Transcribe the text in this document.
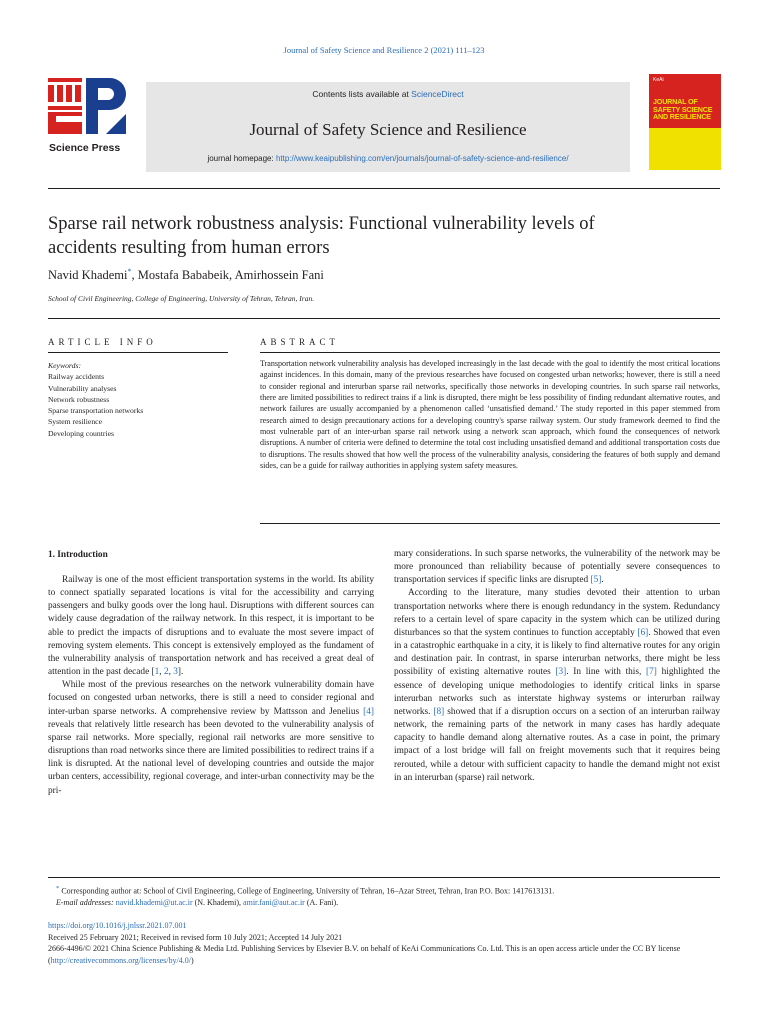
Journal of Safety Science and Resilience 2 (2021) 111–123
Science Press
Contents lists available at ScienceDirect
Journal of Safety Science and Resilience
journal homepage: http://www.keaipublishing.com/en/journals/journal-of-safety-science-and-resilience/
KeAi
JOURNAL OF
SAFETY SCIENCE
AND RESILIENCE
Sparse rail network robustness analysis: Functional vulnerability levels of
accidents resulting from human errors
Navid Khademi*, Mostafa Bababeik, Amirhossein Fani
School of Civil Engineering, College of Engineering, University of Tehran, Tehran, Iran.
ARTICLE INFO	ABSTRACT
Keywords:
Railway accidents
Vulnerability analyses
Network robustness
Sparse transportation networks
System resilience
Developing countries
Transportation network vulnerability analysis has developed increasingly in the last decade with the goal to identify the most critical locations against incidences. In this domain, many of the previous researches have focused on congested urban networks; however, there is still a need to consider regional and interurban sparse rail networks, specifically those networks in developing countries. In such sparse rail networks, there are limited possibilities to redirect trains if a link is disrupted, there might be less possibility of finding redundant alternative routes, and network failures are usually accompanied by a phenomenon called ‘unsatisfied demand.’ The study reported in this paper stemmed from research aimed to design precautionary actions for a developing country's sparse railway system. Our study framework deemed to find the most vulnerable part of an inter-urban sparse rail network using a network scan approach, which found the consequences of network disruptions. A number of criteria were defined to determine the total cost including unsatisfied demand and additional transportation costs due to disruptions. The results showed that how well the process of the vulnerability analysis, considering the features of both supply and demand sides, can be a guide for railway authorities in applying system safety measures.
1. Introduction

Railway is one of the most efficient transportation systems in the world. Its ability to connect spatially separated locations is vital for the accessibility and carrying passengers and bulky goods over the long haul. Disruptions with different sources can widely cause degradation of the railway network. In this respect, it is important to be able to predict the impacts of disruptions and to evaluate the most severe impact of removing system elements. This concept is extensively employed as the fundament of the vulnerability analysis of transportation network and has received a great deal of attention in the past decade [1, 2, 3].

While most of the previous researches on the network vulnerability domain have focused on congested urban networks, there is still a need to consider regional and inter-urban sparse networks. A comprehensive review by Mattsson and Jenelius [4] reveals that relatively little research has been devoted to the vulnerability analysis of sparse rail networks. More specially, regional rail networks are more sensitive to disruptions than road networks since there are limited possibilities to redirect trains if a link is disrupted. At the national level of developing countries and outside the major urban centers, accessibility, regional coverage, and inter-urban connectivity may be the pri-

mary considerations. In such sparse networks, the vulnerability of the network may be more pronounced than reliability because of potentially severe consequences to transportation services if specific links are disrupted [5].

According to the literature, many studies devoted their attention to urban transportation networks where there is enough redundancy in the system. Redundancy refers to a certain level of spare capacity in the system which can be utilized during disturbances so that the system continues to function acceptably [6]. Showed that even in a catastrophic earthquake in a city, it is likely to find alternative routes for any origin and destination pair. In contrast, in sparse interurban networks, there might be less possibility of existing alternative routes [3]. In line with this, [7] highlighted the essence of developing unique methodologies to identify critical links in sparse interurban networks such as interstate highway systems or interurban railway networks. [8] showed that if a disruption occurs on a section of an interurban railway network, the remaining parts of the network in many cases has hardly adequate capacity to handle demand along alternative routes. As a case in point, the primary impact of a lost bridge will fall on freight movements such that it requires being rerouted, while a detour with sufficient capacity to handle the demand might not exist in an interurban (sparse) rail network.

* Corresponding author at: School of Civil Engineering, College of Engineering, University of Tehran, 16–Azar Street, Tehran, Iran P.O. Box: 1417613131.
E-mail addresses: navid.khademi@ut.ac.ir (N. Khademi), amir.fani@aut.ac.ir (A. Fani).
https://doi.org/10.1016/j.jnlssr.2021.07.001
Received 25 February 2021; Received in revised form 10 July 2021; Accepted 14 July 2021
2666-4496/© 2021 China Science Publishing & Media Ltd. Publishing Services by Elsevier B.V. on behalf of KeAi Communications Co. Ltd. This is an open access article under the CC BY license (http://creativecommons.org/licenses/by/4.0/)
